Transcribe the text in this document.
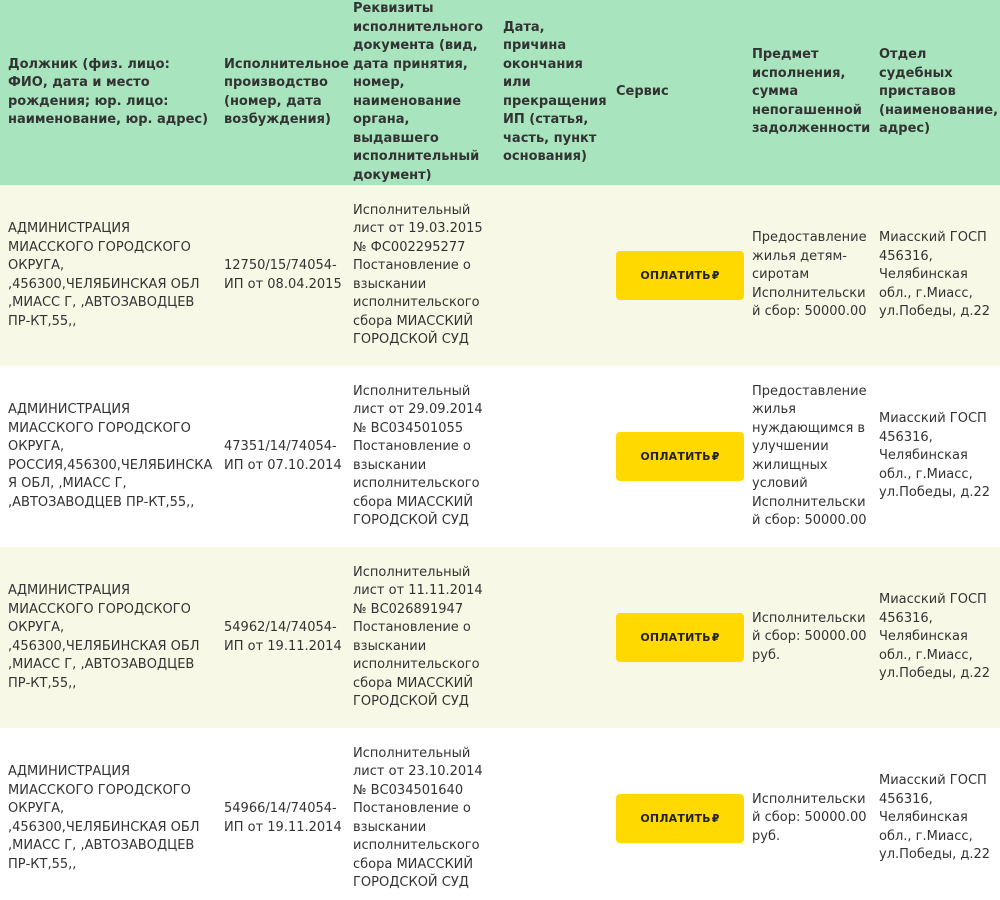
Должник (физ. лицо: ФИО, дата и место рождения; юр. лицо: наименование, юр. адрес)	Исполнительное производство (номер, дата возбуждения)	Реквизиты исполнительного документа (вид, дата принятия, номер, наименование органа, выдавшего исполнительный документ)	Дата, причина окончания или прекращения ИП (статья, часть, пункт основания)	Сервис	Предмет исполнения, сумма непогашенной задолженности	Отдел судебных приставов (наименование, адрес)
АДМИНИСТРАЦИЯ МИАССКОГО ГОРОДСКОГО ОКРУГА, ,456300,ЧЕЛЯБИНСКАЯ ОБЛ ,МИАСС Г, ,АВТОЗАВОДЦЕВ ПР-КТ,55,,	12750/15/74054-ИП от 08.04.2015	Исполнительный лист от 19.03.2015 № ФС002295277 Постановление о взыскании исполнительского сбора МИАССКИЙ ГОРОДСКОЙ СУД		ОПЛАТИТЬ ₽	Предоставление жилья детям-сиротам Исполнительский сбор: 50000.00	Миасский ГОСП 456316, Челябинская обл., г.Миасс, ул.Победы, д.22
АДМИНИСТРАЦИЯ МИАССКОГО ГОРОДСКОГО ОКРУГА, РОССИЯ,456300,ЧЕЛЯБИНСКАЯ ОБЛ, ,МИАСС Г, ,АВТОЗАВОДЦЕВ ПР-КТ,55,,	47351/14/74054-ИП от 07.10.2014	Исполнительный лист от 29.09.2014 № ВС034501055 Постановление о взыскании исполнительского сбора МИАССКИЙ ГОРОДСКОЙ СУД		ОПЛАТИТЬ ₽	Предоставление жилья нуждающимся в улучшении жилищных условий Исполнительский сбор: 50000.00	Миасский ГОСП 456316, Челябинская обл., г.Миасс, ул.Победы, д.22
АДМИНИСТРАЦИЯ МИАССКОГО ГОРОДСКОГО ОКРУГА, ,456300,ЧЕЛЯБИНСКАЯ ОБЛ ,МИАСС Г, ,АВТОЗАВОДЦЕВ ПР-КТ,55,,	54962/14/74054-ИП от 19.11.2014	Исполнительный лист от 11.11.2014 № ВС026891947 Постановление о взыскании исполнительского сбора МИАССКИЙ ГОРОДСКОЙ СУД		ОПЛАТИТЬ ₽	Исполнительский сбор: 50000.00 руб.	Миасский ГОСП 456316, Челябинская обл., г.Миасс, ул.Победы, д.22
АДМИНИСТРАЦИЯ МИАССКОГО ГОРОДСКОГО ОКРУГА, ,456300,ЧЕЛЯБИНСКАЯ ОБЛ ,МИАСС Г, ,АВТОЗАВОДЦЕВ ПР-КТ,55,,	54966/14/74054-ИП от 19.11.2014	Исполнительный лист от 23.10.2014 № ВС034501640 Постановление о взыскании исполнительского сбора МИАССКИЙ ГОРОДСКОЙ СУД		ОПЛАТИТЬ ₽	Исполнительский сбор: 50000.00 руб.	Миасский ГОСП 456316, Челябинская обл., г.Миасс, ул.Победы, д.22
